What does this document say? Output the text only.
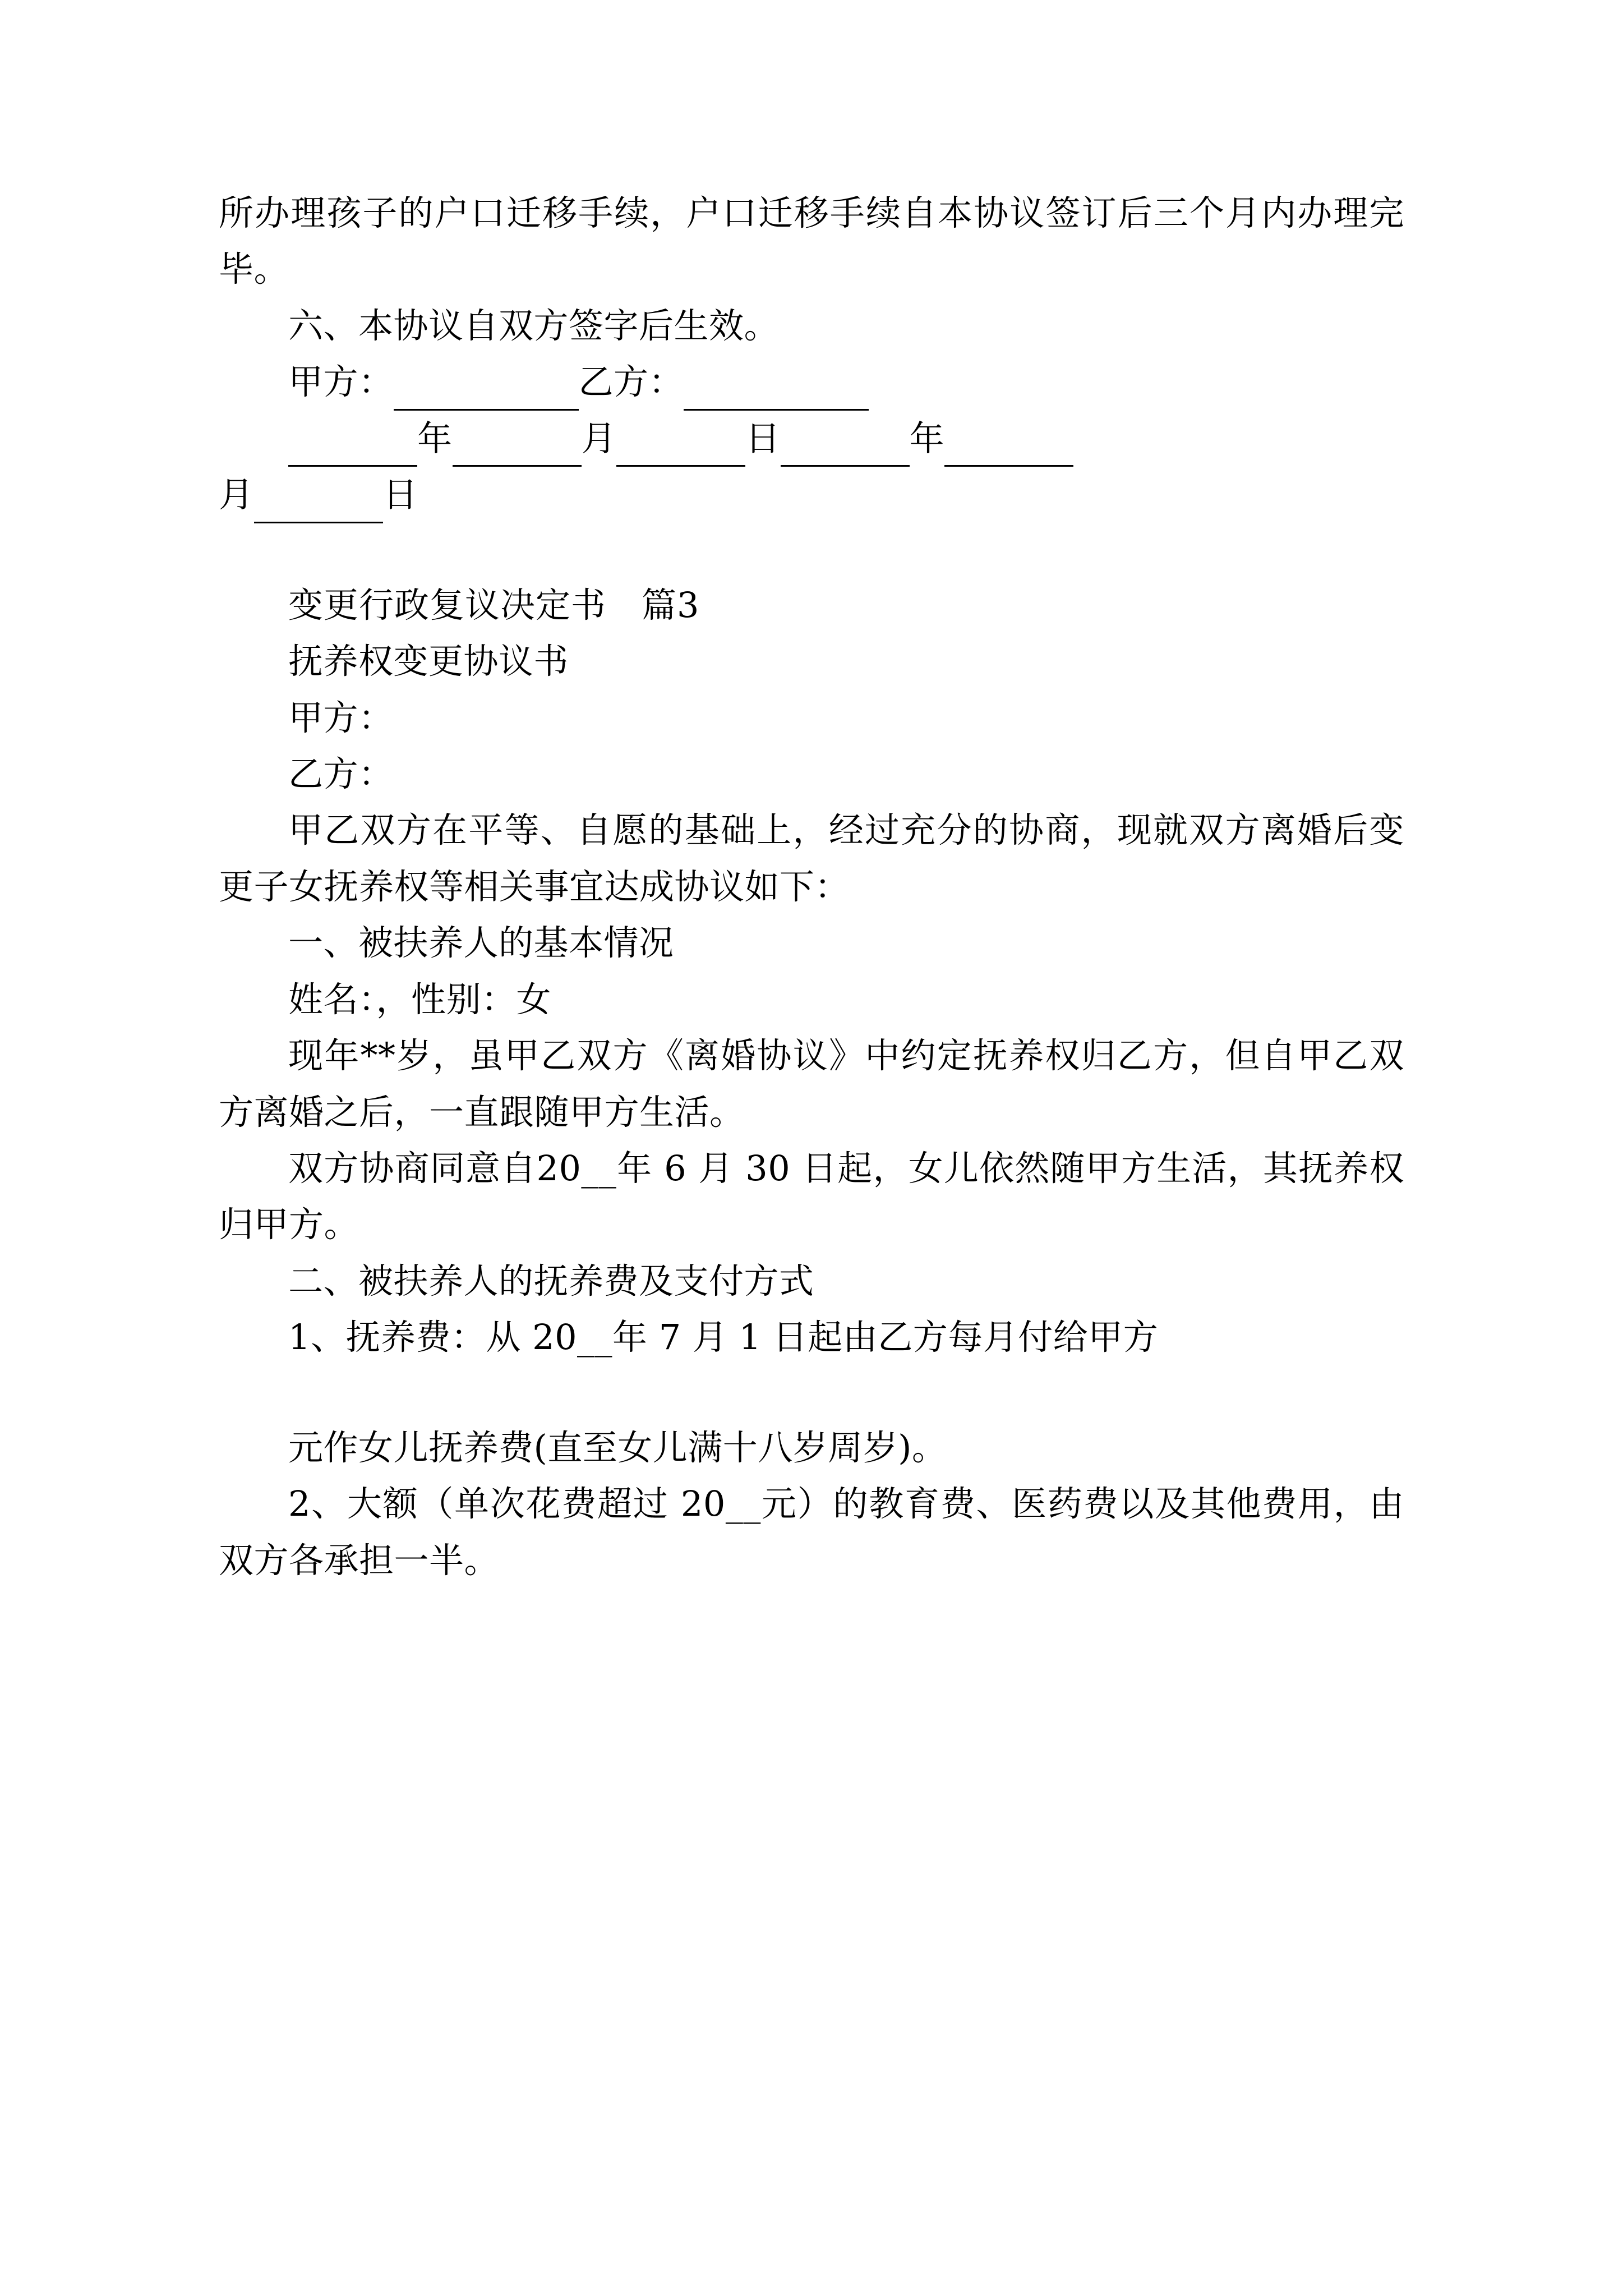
所办理孩子的户口迁移手续，户口迁移手续自本协议签订后三个月内办理完毕。

六、本协议自双方签字后生效。

甲方：	乙方：

年	月	日	年

月	日

变更行政复议决定书　篇3

抚养权变更协议书

甲方：

乙方：

甲乙双方在平等、自愿的基础上，经过充分的协商，现就双方离婚后变更子女抚养权等相关事宜达成协议如下：

一、被扶养人的基本情况

姓名：，性别：女

现年**岁，虽甲乙双方《离婚协议》中约定抚养权归乙方，但自甲乙双方离婚之后，一直跟随甲方生活。

双方协商同意自20__年 6 月 30 日起，女儿依然随甲方生活，其抚养权归甲方。

二、被扶养人的抚养费及支付方式

1、抚养费：从 20__年 7 月 1 日起由乙方每月付给甲方

元作女儿抚养费(直至女儿满十八岁周岁)。

2、大额（单次花费超过 20__元）的教育费、医药费以及其他费用，由双方各承担一半。
